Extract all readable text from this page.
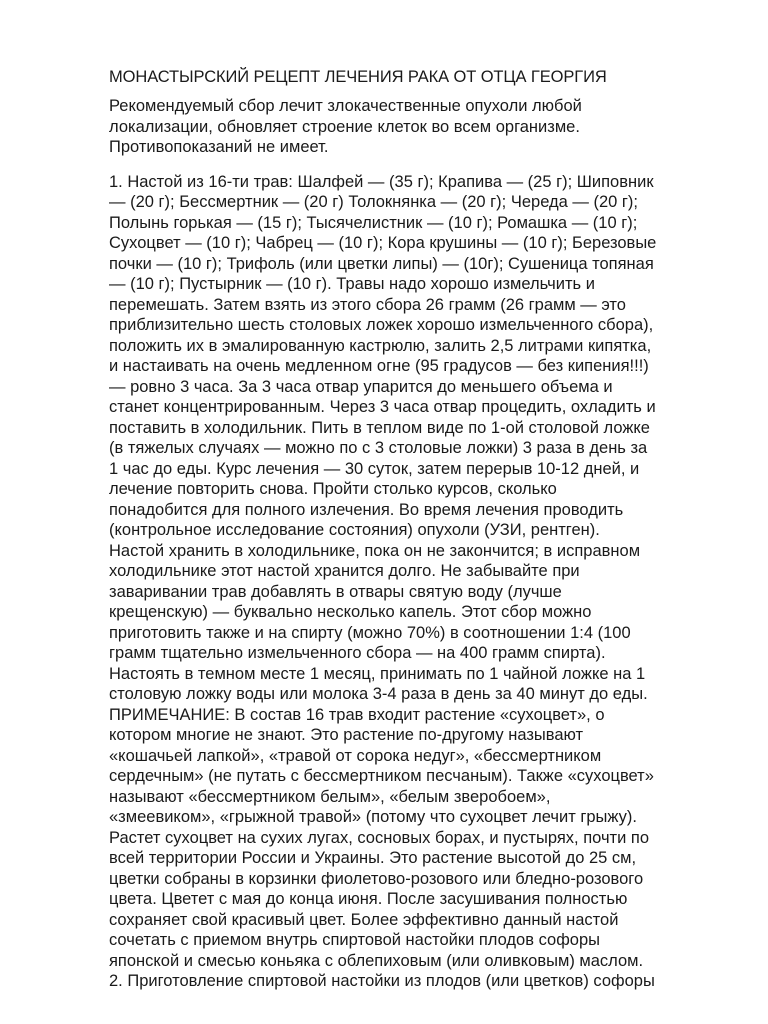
МОНАСТЫРСКИЙ РЕЦЕПТ ЛЕЧЕНИЯ РАКА ОТ ОТЦА ГЕОРГИЯ
Рекомендуемый сбор лечит злокачественные опухоли любой
локализации, обновляет строение клеток во всем организме.
Противопоказаний не имеет.
1. Настой из 16-ти трав: Шалфей — (35 г); Крапива — (25 г); Шиповник
— (20 г); Бессмертник — (20 г) Толокнянка — (20 г); Череда — (20 г);
Полынь горькая — (15 г); Тысячелистник — (10 г); Ромашка — (10 г);
Сухоцвет — (10 г); Чабрец — (10 г); Кора крушины — (10 г); Березовые
почки — (10 г); Трифоль (или цветки липы) — (10г); Сушеница топяная
— (10 г); Пустырник — (10 г). Травы надо хорошо измельчить и
перемешать. Затем взять из этого сбора 26 грамм (26 грамм — это
приблизительно шесть столовых ложек хорошо измельченного сбора),
положить их в эмалированную кастрюлю, залить 2,5 литрами кипятка,
и настаивать на очень медленном огне (95 градусов — без кипения!!!)
— ровно 3 часа. За 3 часа отвар упарится до меньшего объема и
станет концентрированным. Через 3 часа отвар процедить, охладить и
поставить в холодильник. Пить в теплом виде по 1-ой столовой ложке
(в тяжелых случаях — можно по с 3 столовые ложки) 3 раза в день за
1 час до еды. Курс лечения — 30 суток, затем перерыв 10-12 дней, и
лечение повторить снова. Пройти столько курсов, сколько
понадобится для полного излечения. Во время лечения проводить
(контрольное исследование состояния) опухоли (УЗИ, рентген).
Настой хранить в холодильнике, пока он не закончится; в исправном
холодильнике этот настой хранится долго. Не забывайте при
заваривании трав добавлять в отвары святую воду (лучше
крещенскую) — буквально несколько капель. Этот сбор можно
приготовить также и на спирту (можно 70%) в соотношении 1:4 (100
грамм тщательно измельченного сбора — на 400 грамм спирта).
Настоять в темном месте 1 месяц, принимать по 1 чайной ложке на 1
столовую ложку воды или молока 3-4 раза в день за 40 минут до еды.
ПРИМЕЧАНИЕ: В состав 16 трав входит растение «сухоцвет», о
котором многие не знают. Это растение по-другому называют
«кошачьей лапкой», «травой от сорока недуг», «бессмертником
сердечным» (не путать с бессмертником песчаным). Также «сухоцвет»
называют «бессмертником белым», «белым зверобоем»,
«змеевиком», «грыжной травой» (потому что сухоцвет лечит грыжу).
Растет сухоцвет на сухих лугах, сосновых борах, и пустырях, почти по
всей территории России и Украины. Это растение высотой до 25 см,
цветки собраны в корзинки фиолетово-розового или бледно-розового
цвета. Цветет с мая до конца июня. После засушивания полностью
сохраняет свой красивый цвет. Более эффективно данный настой
сочетать с приемом внутрь спиртовой настойки плодов софоры
японской и смесью коньяка с облепиховым (или оливковым) маслом.
2. Приготовление спиртовой настойки из плодов (или цветков) софоры
